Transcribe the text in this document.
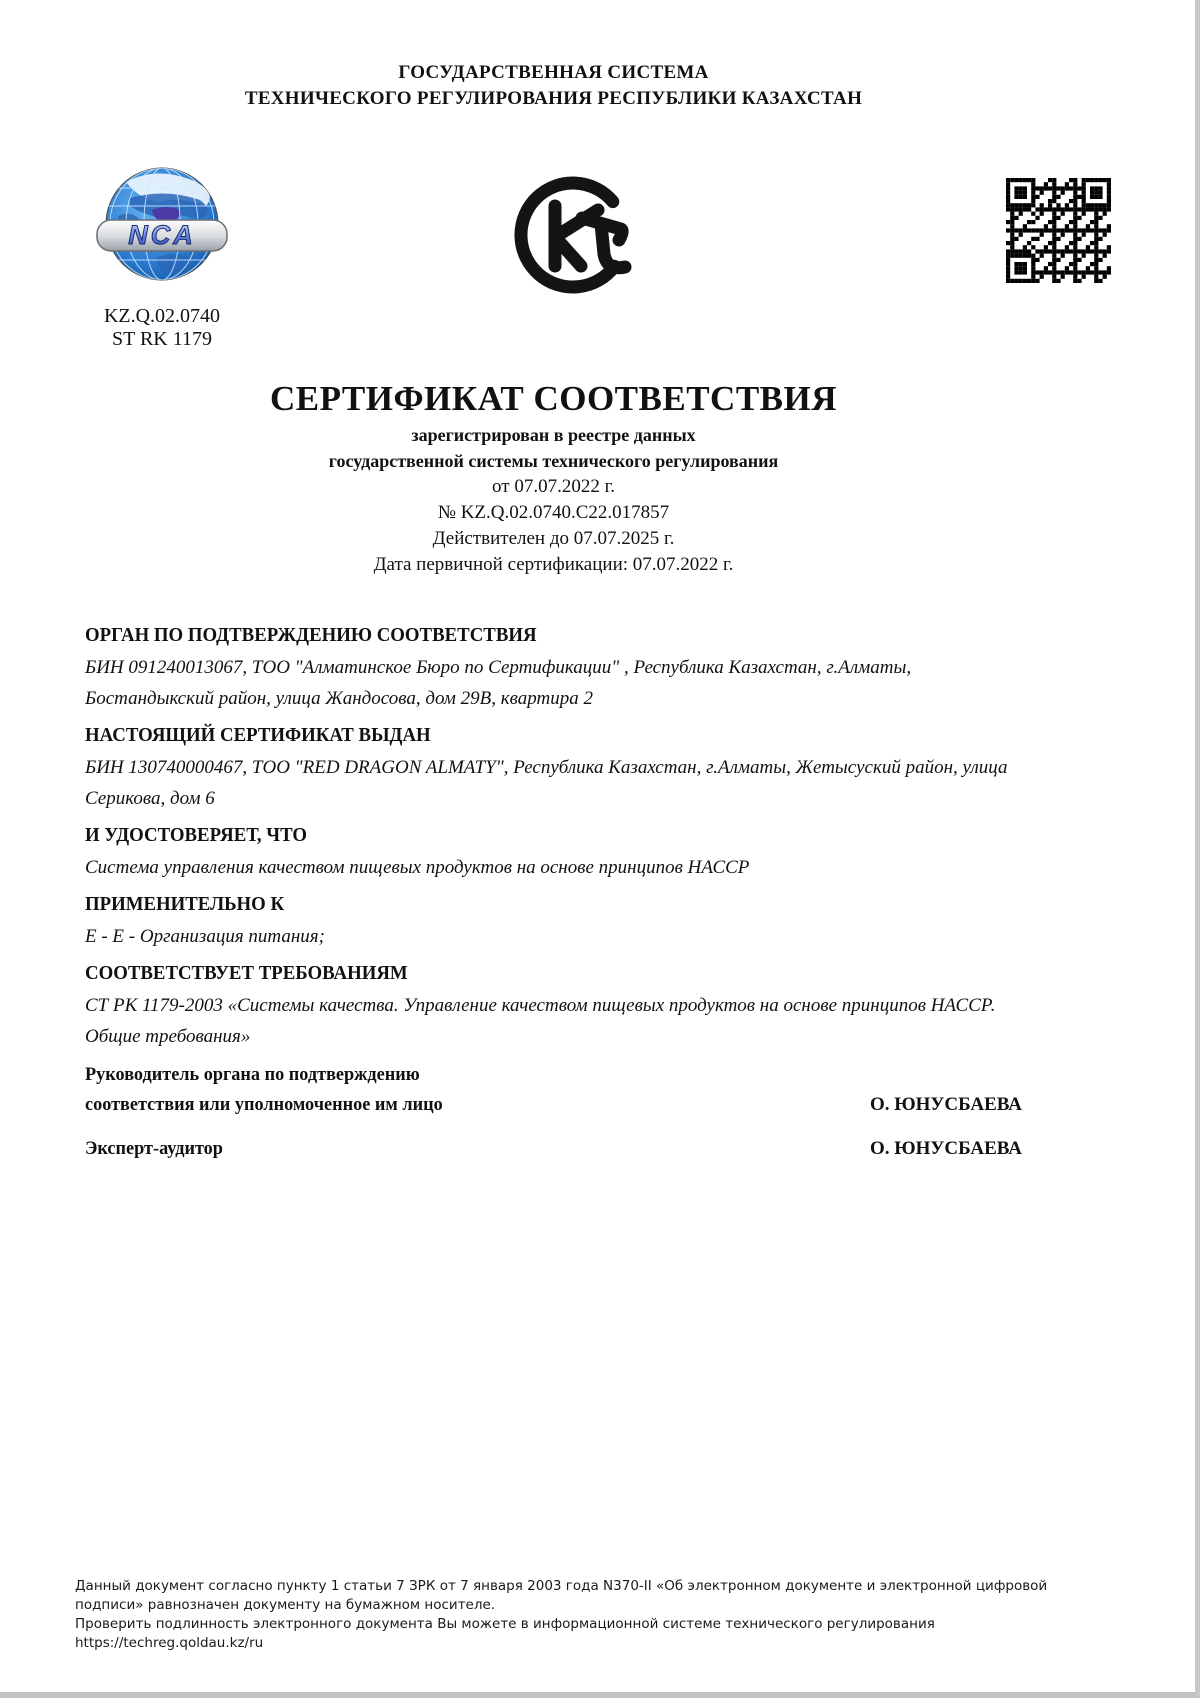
ГОСУДАРСТВЕННАЯ СИСТЕМА
ТЕХНИЧЕСКОГО РЕГУЛИРОВАНИЯ РЕСПУБЛИКИ КАЗАХСТАН
NCA
KZ.Q.02.0740
ST RK 1179
СЕРТИФИКАТ СООТВЕТСТВИЯ
зарегистрирован в реестре данных
государственной системы технического регулирования
от 07.07.2022 г.
№ KZ.Q.02.0740.C22.017857
Действителен до 07.07.2025 г.
Дата первичной сертификации: 07.07.2022 г.
ОРГАН ПО ПОДТВЕРЖДЕНИЮ СООТВЕТСТВИЯ
БИН 091240013067, ТОО "Алматинское Бюро по Сертификации" , Республика Казахстан, г.Алматы, Бостандыкский район, улица Жандосова, дом 29В, квартира 2
НАСТОЯЩИЙ СЕРТИФИКАТ ВЫДАН
БИН 130740000467, ТОО "RED DRAGON ALMATY", Республика Казахстан, г.Алматы, Жетысуский район, улица Серикова, дом 6
И УДОСТОВЕРЯЕТ, ЧТО
Система управления качеством пищевых продуктов на основе принципов НАССР
ПРИМЕНИТЕЛЬНО К
Е - Е - Организация питания;
СООТВЕТСТВУЕТ ТРЕБОВАНИЯМ
СТ РК 1179-2003 «Системы качества. Управление качеством пищевых продуктов на основе принципов НАССР. Общие требования»
Руководитель органа по подтверждению
соответствия или уполномоченное им лицо	О. ЮНУСБАЕВА
Эксперт-аудитор	О. ЮНУСБАЕВА
Данный документ согласно пункту 1 статьи 7 ЗРК от 7 января 2003 года N370-II «Об электронном документе и электронной цифровой
подписи» равнозначен документу на бумажном носителе.
Проверить подлинность электронного документа Вы можете в информационной системе технического регулирования
https://techreg.qoldau.kz/ru
